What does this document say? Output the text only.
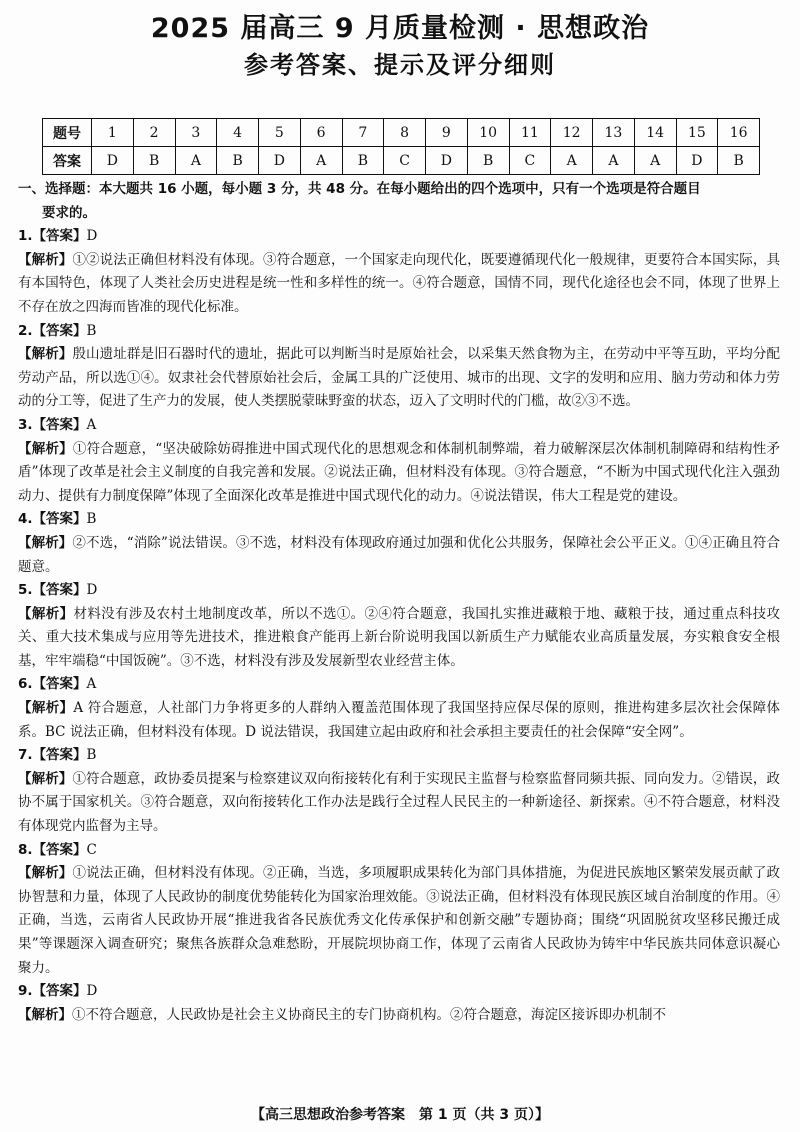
2025 届高三 9 月质量检测 · 思想政治
参考答案、提示及评分细则
题号	1	2	3	4	5	6	7	8	9	10	11	12	13	14	15	16
答案	D	B	A	B	D	A	B	C	D	B	C	A	A	A	D	B
一、选择题：本大题共 16 小题，每小题 3 分，共 48 分。在每小题给出的四个选项中，只有一个选项是符合题目
要求的。
1.【答案】D

【解析】①②说法正确但材料没有体现。③符合题意，一个国家走向现代化，既要遵循现代化一般规律，更要符合本国实际，具有本国特色，体现了人类社会历史进程是统一性和多样性的统一。④符合题意，国情不同，现代化途径也会不同，体现了世界上不存在放之四海而皆准的现代化标准。

2.【答案】B

【解析】殷山遗址群是旧石器时代的遗址，据此可以判断当时是原始社会，以采集天然食物为主，在劳动中平等互助，平均分配劳动产品，所以选①④。奴隶社会代替原始社会后，金属工具的广泛使用、城市的出现、文字的发明和应用、脑力劳动和体力劳动的分工等，促进了生产力的发展，使人类摆脱蒙昧野蛮的状态，迈入了文明时代的门槛，故②③不选。

3.【答案】A

【解析】①符合题意，“坚决破除妨碍推进中国式现代化的思想观念和体制机制弊端，着力破解深层次体制机制障碍和结构性矛盾”体现了改革是社会主义制度的自我完善和发展。②说法正确，但材料没有体现。③符合题意，“不断为中国式现代化注入强劲动力、提供有力制度保障”体现了全面深化改革是推进中国式现代化的动力。④说法错误，伟大工程是党的建设。

4.【答案】B

【解析】②不选，“消除”说法错误。③不选，材料没有体现政府通过加强和优化公共服务，保障社会公平正义。①④正确且符合题意。

5.【答案】D

【解析】材料没有涉及农村土地制度改革，所以不选①。②④符合题意，我国扎实推进藏粮于地、藏粮于技，通过重点科技攻关、重大技术集成与应用等先进技术，推进粮食产能再上新台阶说明我国以新质生产力赋能农业高质量发展，夯实粮食安全根基，牢牢端稳“中国饭碗”。③不选，材料没有涉及发展新型农业经营主体。

6.【答案】A

【解析】A 符合题意，人社部门力争将更多的人群纳入覆盖范围体现了我国坚持应保尽保的原则，推进构建多层次社会保障体系。BC 说法正确，但材料没有体现。D 说法错误，我国建立起由政府和社会承担主要责任的社会保障“安全网”。

7.【答案】B

【解析】①符合题意，政协委员提案与检察建议双向衔接转化有利于实现民主监督与检察监督同频共振、同向发力。②错误，政协不属于国家机关。③符合题意，双向衔接转化工作办法是践行全过程人民民主的一种新途径、新探索。④不符合题意，材料没有体现党内监督为主导。

8.【答案】C

【解析】①说法正确，但材料没有体现。②正确，当选，多项履职成果转化为部门具体措施，为促进民族地区繁荣发展贡献了政协智慧和力量，体现了人民政协的制度优势能转化为国家治理效能。③说法正确，但材料没有体现民族区域自治制度的作用。④正确，当选，云南省人民政协开展“推进我省各民族优秀文化传承保护和创新交融”专题协商；围绕“巩固脱贫攻坚移民搬迁成果”等课题深入调查研究；聚焦各族群众急难愁盼，开展院坝协商工作，体现了云南省人民政协为铸牢中华民族共同体意识凝心聚力。

9.【答案】D

【解析】①不符合题意，人民政协是社会主义协商民主的专门协商机构。②符合题意，海淀区接诉即办机制不

【高三思想政治参考答案　第 1 页（共 3 页）】
